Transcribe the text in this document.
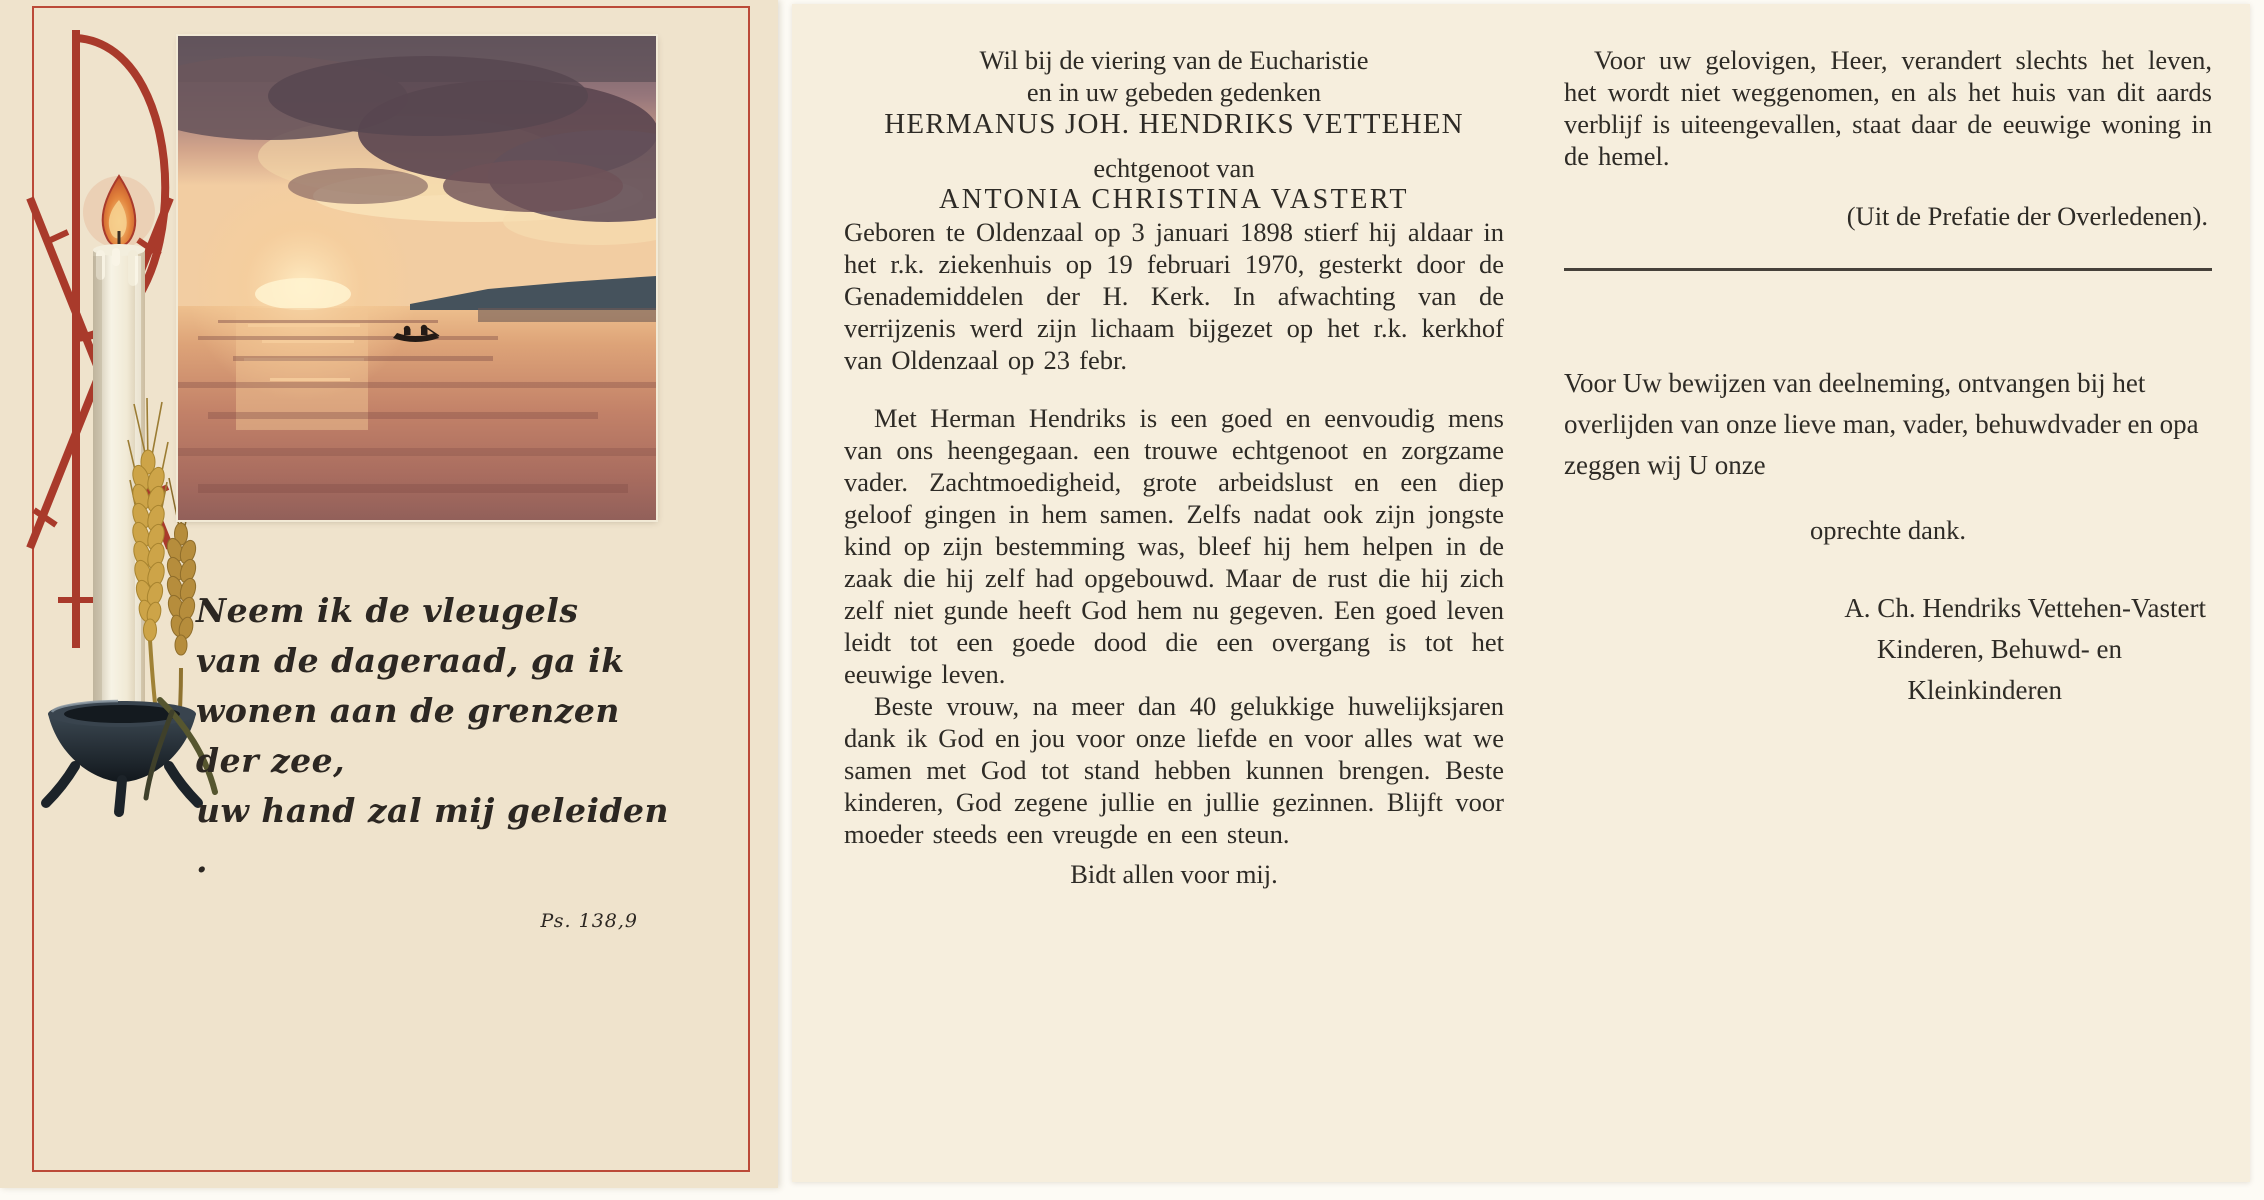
Neem ik de vleugels
van de dageraad, ga ik
wonen aan de grenzen der zee,
uw hand zal mij geleiden .
Ps. 138,9

Wil bij de viering van de Eucharistie

en in uw gebeden gedenken

HERMANUS JOH. HENDRIKS VETTEHEN

echtgenoot van

ANTONIA CHRISTINA VASTERT

Geboren te Oldenzaal op 3 januari 1898 stierf hij aldaar in het r.k. ziekenhuis op 19 februari 1970, gesterkt door de Genademiddelen der H. Kerk. In afwachting van de verrijzenis werd zijn lichaam bijgezet op het r.k. kerkhof van Oldenzaal op 23 febr.

Met Herman Hendriks is een goed en eenvoudig mens van ons heengegaan. een trouwe echtgenoot en zorgzame vader. Zachtmoedigheid, grote arbeidslust en een diep geloof gingen in hem samen. Zelfs nadat ook zijn jongste kind op zijn bestemming was, bleef hij hem helpen in de zaak die hij zelf had opgebouwd. Maar de rust die hij zich zelf niet gunde heeft God hem nu gegeven. Een goed leven leidt tot een goede dood die een overgang is tot het eeuwige leven.

Beste vrouw, na meer dan 40 gelukkige huwelijksjaren dank ik God en jou voor onze liefde en voor alles wat we samen met God tot stand hebben kunnen brengen. Beste kinderen, God zegene jullie en jullie gezinnen. Blijft voor moeder steeds een vreugde en een steun.

Bidt allen voor mij.

Voor uw gelovigen, Heer, verandert slechts het leven, het wordt niet weggenomen, en als het huis van dit aards verblijf is uiteengevallen, staat daar de eeuwige woning in de hemel.

(Uit de Prefatie der Overledenen).

Voor Uw bewijzen van deelneming, ontvangen bij het overlijden van onze lieve man, vader, behuwdvader en opa zeggen wij U onze

oprechte dank.

A. Ch. Hendriks Vettehen-Vastert
Kinderen, Behuwd- en
Kleinkinderen
